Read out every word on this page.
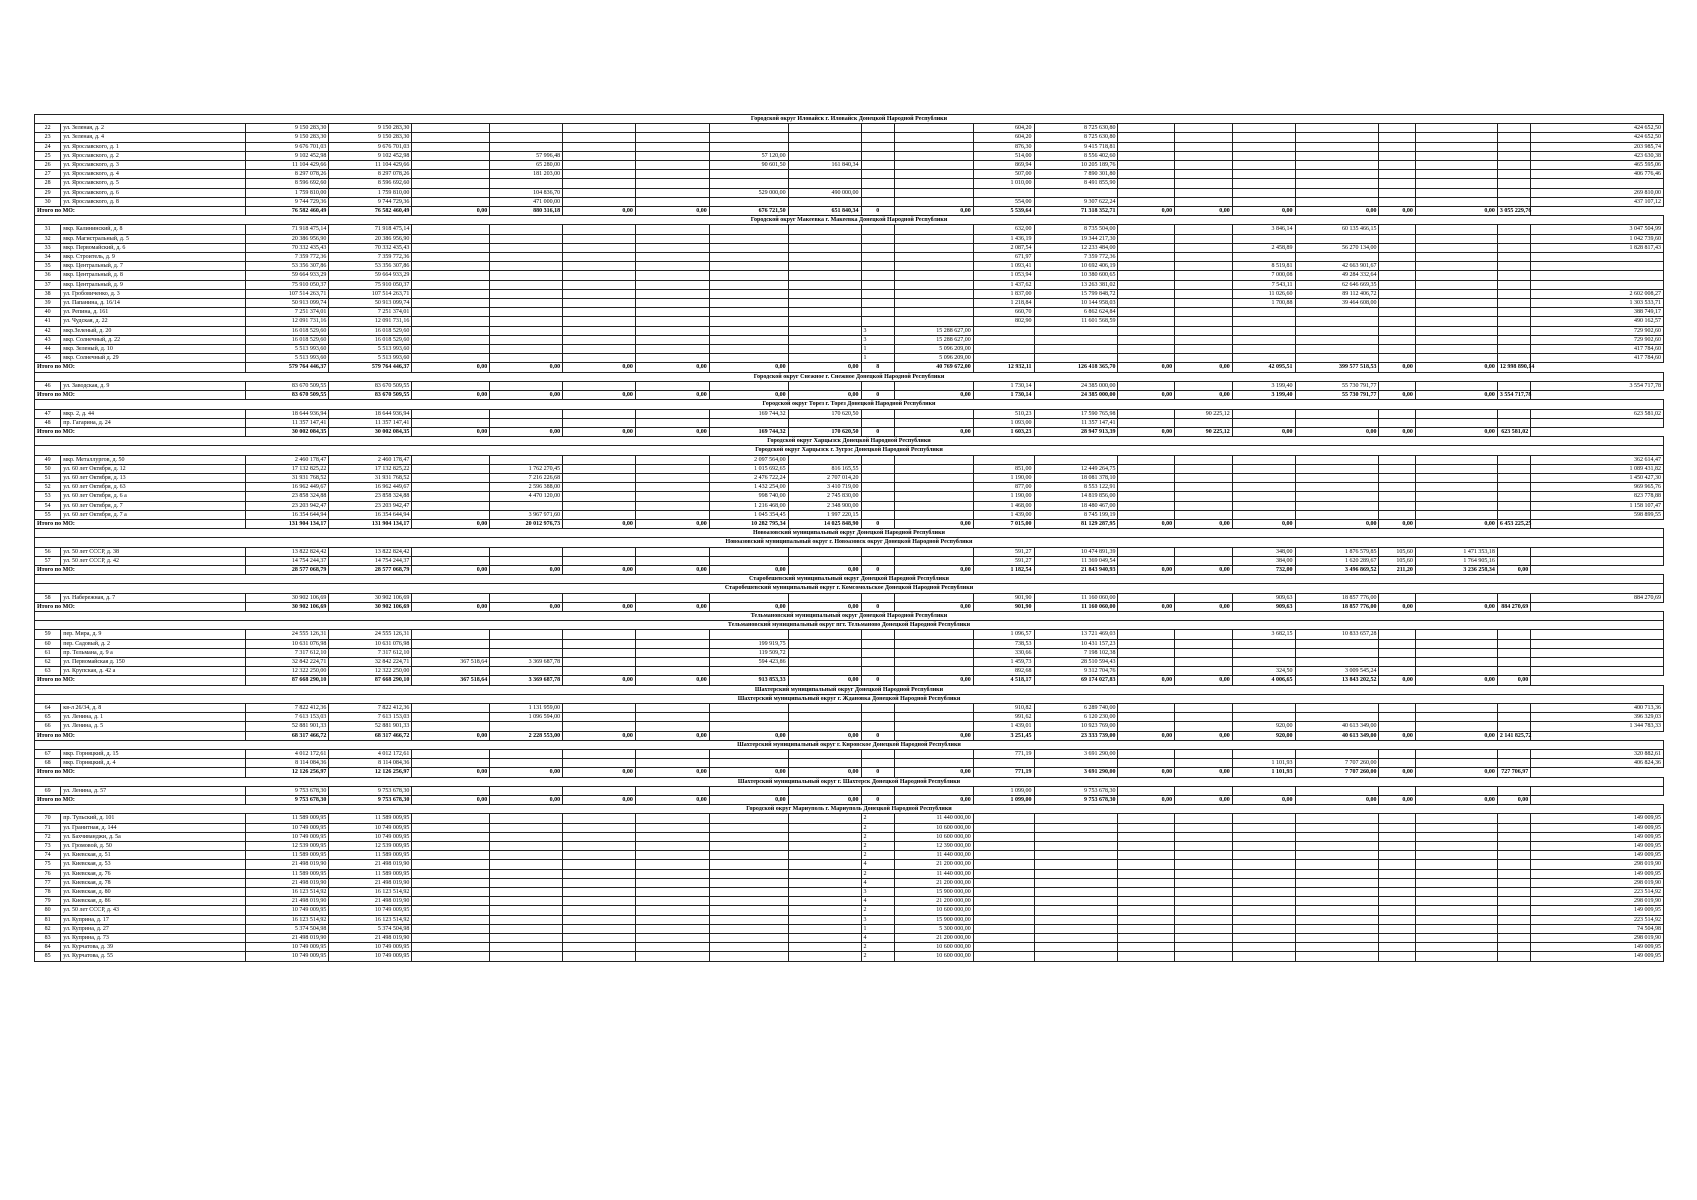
Городской округ Иловайск г. Иловайск Донецкой Народной Республики																					
22	ул. Зеленая, д. 2	9 150 283,30	9 150 283,30									604,20	8 725 630,80								424 652,50
23	ул. Зеленая, д. 4	9 150 283,30	9 150 283,30									604,20	8 725 630,80								424 652,50
24	ул. Ярославского, д. 1	9 676 701,03	9 676 701,03									876,30	9 415 718,81								203 985,74
25	ул. Ярославского, д. 2	9 102 452,98	9 102 452,98		57 996,48			57 120,00				514,00	8 556 402,60								423 630,38
26	ул. Ярославского, д. 3	11 104 429,66	11 104 429,66		65 280,00			90 601,50	161 840,34			869,94	10 205 189,76								465 595,06
27	ул. Ярославского, д. 4	8 297 078,26	8 297 078,26		181 203,00							507,00	7 890 301,80								406 776,46
28	ул. Ярославского, д. 5	8 596 692,60	8 596 692,60									1 010,00	8 491 855,90								
29	ул. Ярославского, д. 6	1 759 810,00	1 759 810,00		104 836,70			529 000,00	490 000,00												269 810,00
30	ул. Ярославского, д. 8	9 744 729,36	9 744 729,36		471 000,00							554,00	9 307 622,24								437 107,12
Итого по МО:		76 582 460,49	76 582 460,49	0,00	880 316,18	0,00	0,00	676 721,50	651 840,34	0	0,00	5 539,64	71 318 352,71	0,00	0,00	0,00	0,00	0,00	0,00	3 055 229,76	
Городской округ Макеевка г. Макеевка Донецкой Народной Республики																					
31	мкр. Калининский, д. 8	71 918 475,14	71 918 475,14									632,00	8 735 504,00			3 846,14	60 135 466,15				3 047 504,99
32	мкр. Магистральный, д. 5	20 386 956,90	20 386 956,90									1 436,19	19 344 217,30								1 042 739,60
33	мкр. Первомайский, д. 6	70 332 435,43	70 332 435,43									2 087,54	12 233 484,00			2 458,89	56 270 134,00				1 828 817,43
34	мкр. Строитель, д. 9	7 359 772,36	7 359 772,36									671,97	7 359 772,36								
35	мкр. Центральный, д. 7	53 356 307,86	53 356 307,86									1 093,41	10 692 406,19			8 519,81	42 663 901,67				
36	мкр. Центральный, д. 8	59 664 933,29	59 664 933,29									1 053,94	10 380 600,65			7 000,08	49 284 332,64				
37	мкр. Центральный, д. 9	75 910 050,37	75 910 050,37									1 437,62	13 263 381,02			7 543,11	62 646 669,35				
38	ул. Гробовиченко, д. 3	107 514 263,71	107 514 263,71									1 837,00	15 799 848,72			11 026,60	89 112 406,72				2 602 008,27
39	ул. Папанина, д. 16/14	50 913 099,74	50 913 099,74									1 218,84	10 144 958,03			1 700,88	39 464 608,00				1 303 533,71
40	ул. Репина, д. 161	7 251 374,01	7 251 374,01									660,70	6 862 624,84								388 749,17
41	ул. Чудская, д. 22	12 091 731,16	12 091 731,16									802,90	11 601 568,59								490 162,57
42	мкр.Зеленый, д. 20	16 018 529,60	16 018 529,60							3	15 288 627,00										729 902,60
43	мкр. Солнечный, д. 22	16 018 529,60	16 018 529,60							3	15 288 627,00										729 902,60
44	мкр. Зеленый, д. 10	5 513 993,60	5 513 993,60							1	5 096 209,00										417 784,60
45	мкр. Солнечный д. 29	5 513 993,60	5 513 993,60							1	5 096 209,00										417 784,60
Итого по МО:		579 764 446,37	579 764 446,37	0,00	0,00	0,00	0,00	0,00	0,00	8	40 769 672,00	12 932,11	126 418 365,70	0,00	0,00	42 095,51	399 577 518,53	0,00	0,00	12 998 890,14	
Городской округ Снежное г. Снежное Донецкой Народной Республики																					
46	ул. Заводская, д. 9	83 670 509,55	83 670 509,55									1 730,14	24 385 000,00			3 199,40	55 730 791,77				3 554 717,78
Итого по МО:		83 670 509,55	83 670 509,55	0,00	0,00	0,00	0,00	0,00	0,00	0	0,00	1 730,14	24 385 000,00	0,00	0,00	3 199,40	55 730 791,77	0,00	0,00	3 554 717,78	
Городской округ Торез г. Торез Донецкой Народной Республики																					
47	мкр. 2, д. 44	18 644 936,94	18 644 936,94					169 744,32	170 620,50			510,23	17 590 765,98		90 225,12						623 581,02
48	пр. Гагарина, д. 24	11 357 147,41	11 357 147,41									1 093,00	11 357 147,41								
Итого по МО:		30 002 084,35	30 002 084,35	0,00	0,00	0,00	0,00	169 744,32	170 620,50	0	0,00	1 603,23	28 947 913,39	0,00	90 225,12	0,00	0,00	0,00	0,00	623 581,02	
Городской округ Харцызск Донецкой Народной Республики																					
Городской округ Харцызск г. Зугрэс Донецкой Народной Республики																					
49	мкр. Металлургов, д. 50	2 460 178,47	2 460 178,47					2 097 564,00													362 614,47
50	ул. 60 лет Октября, д. 12	17 132 825,22	17 132 825,22		1 762 270,45			1 015 692,65	816 165,55			851,00	12 449 264,75								1 089 431,82
51	ул. 60 лет Октября, д. 13	31 931 768,52	31 931 768,52		7 216 226,68			2 476 722,24	2 707 014,20			1 190,00	18 081 378,10								1 450 427,30
52	ул. 60 лет Октября, д. 63	16 962 449,67	16 962 449,67		2 596 388,00			1 432 254,00	3 410 719,00			877,00	8 553 122,91								969 965,76
53	ул. 60 лет Октября, д. 6 а	23 858 324,88	23 858 324,88		4 470 120,00			998 740,00	2 745 830,00			1 190,00	14 819 856,00								823 778,88
54	ул. 60 лет Октября, д. 7	23 203 942,47	23 203 942,47					1 216 468,00	2 348 900,00			1 468,00	18 480 467,00								1 158 107,47
55	ул. 60 лет Октября, д. 7 а	16 354 644,94	16 354 644,94		3 967 971,60			1 045 354,45	1 997 220,15			1 439,00	8 745 199,19								598 899,55
Итого по МО:		131 904 134,17	131 904 134,17	0,00	20 012 976,73	0,00	0,00	10 282 795,34	14 025 848,90	0	0,00	7 015,00	81 129 287,95	0,00	0,00	0,00	0,00	0,00	0,00	6 453 225,25	
Новоазовский муниципальный округ Донецкой Народной Республики																					
Новоазовский муниципальный округ г. Новоазовск округ Донецкой Народной Республики																					
56	ул. 50 лет СССР, д. 38	13 822 824,42	13 822 824,42									591,27	10 474 891,39			348,00	1 876 579,85	105,60	1 471 353,18		
57	ул. 50 лет СССР, д. 42	14 754 244,37	14 754 244,37									591,27	11 369 049,54			384,00	1 620 289,67	105,60	1 764 905,16		
Итого по МО:		28 577 068,79	28 577 068,79	0,00	0,00	0,00	0,00	0,00	0,00	0	0,00	1 182,54	21 843 940,93	0,00	0,00	732,00	3 496 869,52	211,20	3 236 258,34	0,00	
Старобешевский муниципальный округ Донецкой Народной Республики																					
Старобешевский муниципальный округ г. Комсомольское Донецкой Народной Республики																					
58	ул. Набережная, д. 7	30 902 106,69	30 902 106,69									901,90	11 160 060,00			909,63	18 857 776,00				884 270,69
Итого по МО:		30 902 106,69	30 902 106,69	0,00	0,00	0,00	0,00	0,00	0,00	0	0,00	901,90	11 160 060,00	0,00	0,00	909,63	18 857 776,00	0,00	0,00	884 270,69	
Тельмановский муниципальный округ Донецкой Народной Республики																					
Тельмановский муниципальный округ пгт. Тельманово Донецкой Народной Республики																					
59	пер. Мира, д. 9	24 555 126,31	24 555 126,31									1 096,57	13 721 469,03			3 682,15	10 833 657,28				
60	пер. Садовый, д. 2	10 631 076,98	10 631 076,98					199 919,75				738,53	10 431 157,23								
61	пр. Тельмана, д. 9 а	7 317 612,10	7 317 612,10					119 509,72				330,66	7 198 102,38								
62	ул. Первомайская д. 150	32 842 224,71	32 842 224,71	367 518,64	3 369 687,78			594 423,86				1 459,73	28 510 594,43								
63	ул. Крупская, д. 42 а	12 322 250,00	12 322 250,00									892,68	9 312 704,76			324,50	3 009 545,24				
Итого по МО:		87 668 290,10	87 668 290,10	367 518,64	3 369 687,78	0,00	0,00	913 853,33	0,00	0	0,00	4 518,17	69 174 027,83	0,00	0,00	4 006,65	13 843 202,52	0,00	0,00	0,00	
Шахтерский муниципальный округ Донецкой Народной Республики																					
Шахтерский муниципальный округ г. Ждановка Донецкой Народной Республики																					
64	кв-л 26/34, д. 8	7 822 412,36	7 822 412,36		1 131 959,00							910,82	6 289 740,00								400 713,36
65	ул. Ленина, д. 1	7 613 153,03	7 613 153,03		1 096 594,00							991,62	6 120 230,00								396 329,03
66	ул. Ленина, д. 5	52 881 901,33	52 881 901,33									1 439,01	10 923 769,00			920,00	40 613 349,00				1 344 783,33
Итого по МО:		68 317 466,72	68 317 466,72	0,00	2 228 553,00	0,00	0,00	0,00	0,00	0	0,00	3 251,45	23 333 739,00	0,00	0,00	920,00	40 613 349,00	0,00	0,00	2 141 825,72	
Шахтерский муниципальный округ г. Кировское Донецкой Народной Республики																					
67	мкр. Горняцкий, д. 15	4 012 172,61	4 012 172,61									771,19	3 691 290,00								320 882,61
68	мкр. Горняцкий, д. 4	8 114 084,36	8 114 084,36													1 101,93	7 707 260,00				406 824,36
Итого по МО:		12 126 256,97	12 126 256,97	0,00	0,00	0,00	0,00	0,00	0,00	0	0,00	771,19	3 691 290,00	0,00	0,00	1 101,93	7 707 260,00	0,00	0,00	727 706,97	
Шахтерский муниципальный округ г. Шахтерск Донецкой Народной Республики																					
69	ул. Ленина, д. 57	9 753 678,30	9 753 678,30									1 099,00	9 753 678,30								
Итого по МО:		9 753 678,30	9 753 678,30	0,00	0,00	0,00	0,00	0,00	0,00	0	0,00	1 099,00	9 753 678,30	0,00	0,00	0,00	0,00	0,00	0,00	0,00	
Городской округ Мариуполь г. Мариуполь Донецкой Народной Республики																					
70	пр. Тульский, д. 101	11 589 009,95	11 589 009,95							2	11 440 000,00										149 009,95
71	ул. Гранитная, д. 144	10 749 009,95	10 749 009,95							2	10 600 000,00										149 009,95
72	ул. Бахчиванджи, д. 5а	10 749 009,95	10 749 009,95							2	10 600 000,00										149 009,95
73	ул. Громовой, д. 50	12 539 009,95	12 539 009,95							2	12 390 000,00										149 009,95
74	ул. Киевская, д. 51	11 589 009,95	11 589 009,95							2	11 440 000,00										149 009,95
75	ул. Киевская, д. 53	21 498 019,90	21 498 019,90							4	21 200 000,00										298 019,90
76	ул. Киевская, д. 76	11 589 009,95	11 589 009,95							2	11 440 000,00										149 009,95
77	ул. Киевская, д. 78	21 498 019,90	21 498 019,90							4	21 200 000,00										298 019,90
78	ул. Киевская, д. 80	16 123 514,92	16 123 514,92							3	15 900 000,00										223 514,92
79	ул. Киевская, д. 86	21 498 019,90	21 498 019,90							4	21 200 000,00										298 019,90
80	ул. 50 лет СССР, д. 43	10 749 009,95	10 749 009,95							2	10 600 000,00										149 009,95
81	ул. Куприна, д. 17	16 123 514,92	16 123 514,92							3	15 900 000,00										223 514,92
82	ул. Куприна, д. 27	5 374 504,98	5 374 504,98							1	5 300 000,00										74 504,98
83	ул. Куприна, д. 73	21 498 019,90	21 498 019,90							4	21 200 000,00										298 019,90
84	ул. Курчатова, д. 39	10 749 009,95	10 749 009,95							2	10 600 000,00										149 009,95
85	ул. Курчатова, д. 55	10 749 009,95	10 749 009,95							2	10 600 000,00										149 009,95
